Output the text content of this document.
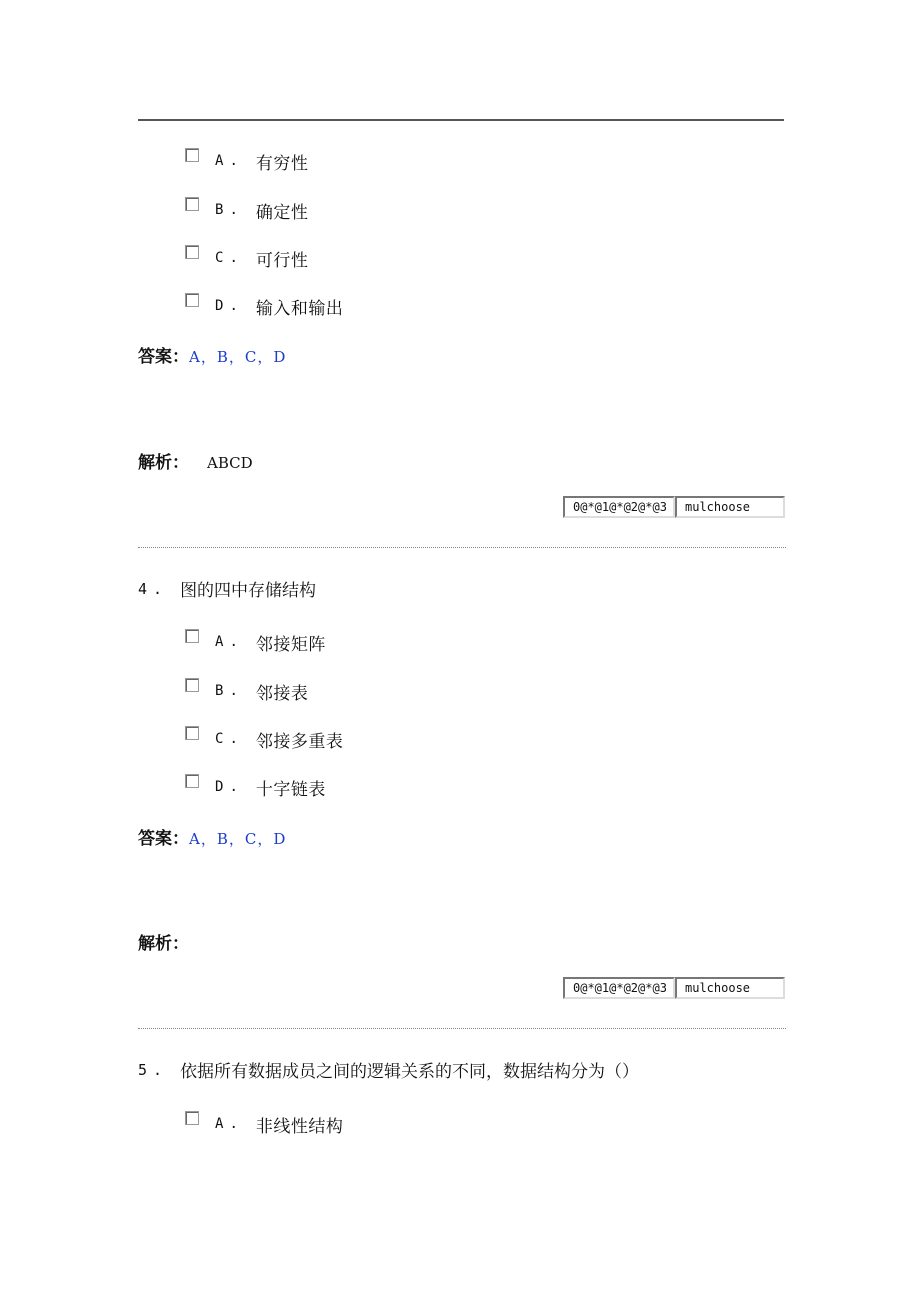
A . 有穷性
B . 确定性
C . 可行性
D . 输入和输出
答案：A，B，C，D
解析： ABCD
0@*@1@*@2@*@3	mulchoose
4 . 图的四中存储结构
A . 邻接矩阵
B . 邻接表
C . 邻接多重表
D . 十字链表
答案：A，B，C，D
解析：
0@*@1@*@2@*@3	mulchoose
5 . 依据所有数据成员之间的逻辑关系的不同，数据结构分为（）
A . 非线性结构
